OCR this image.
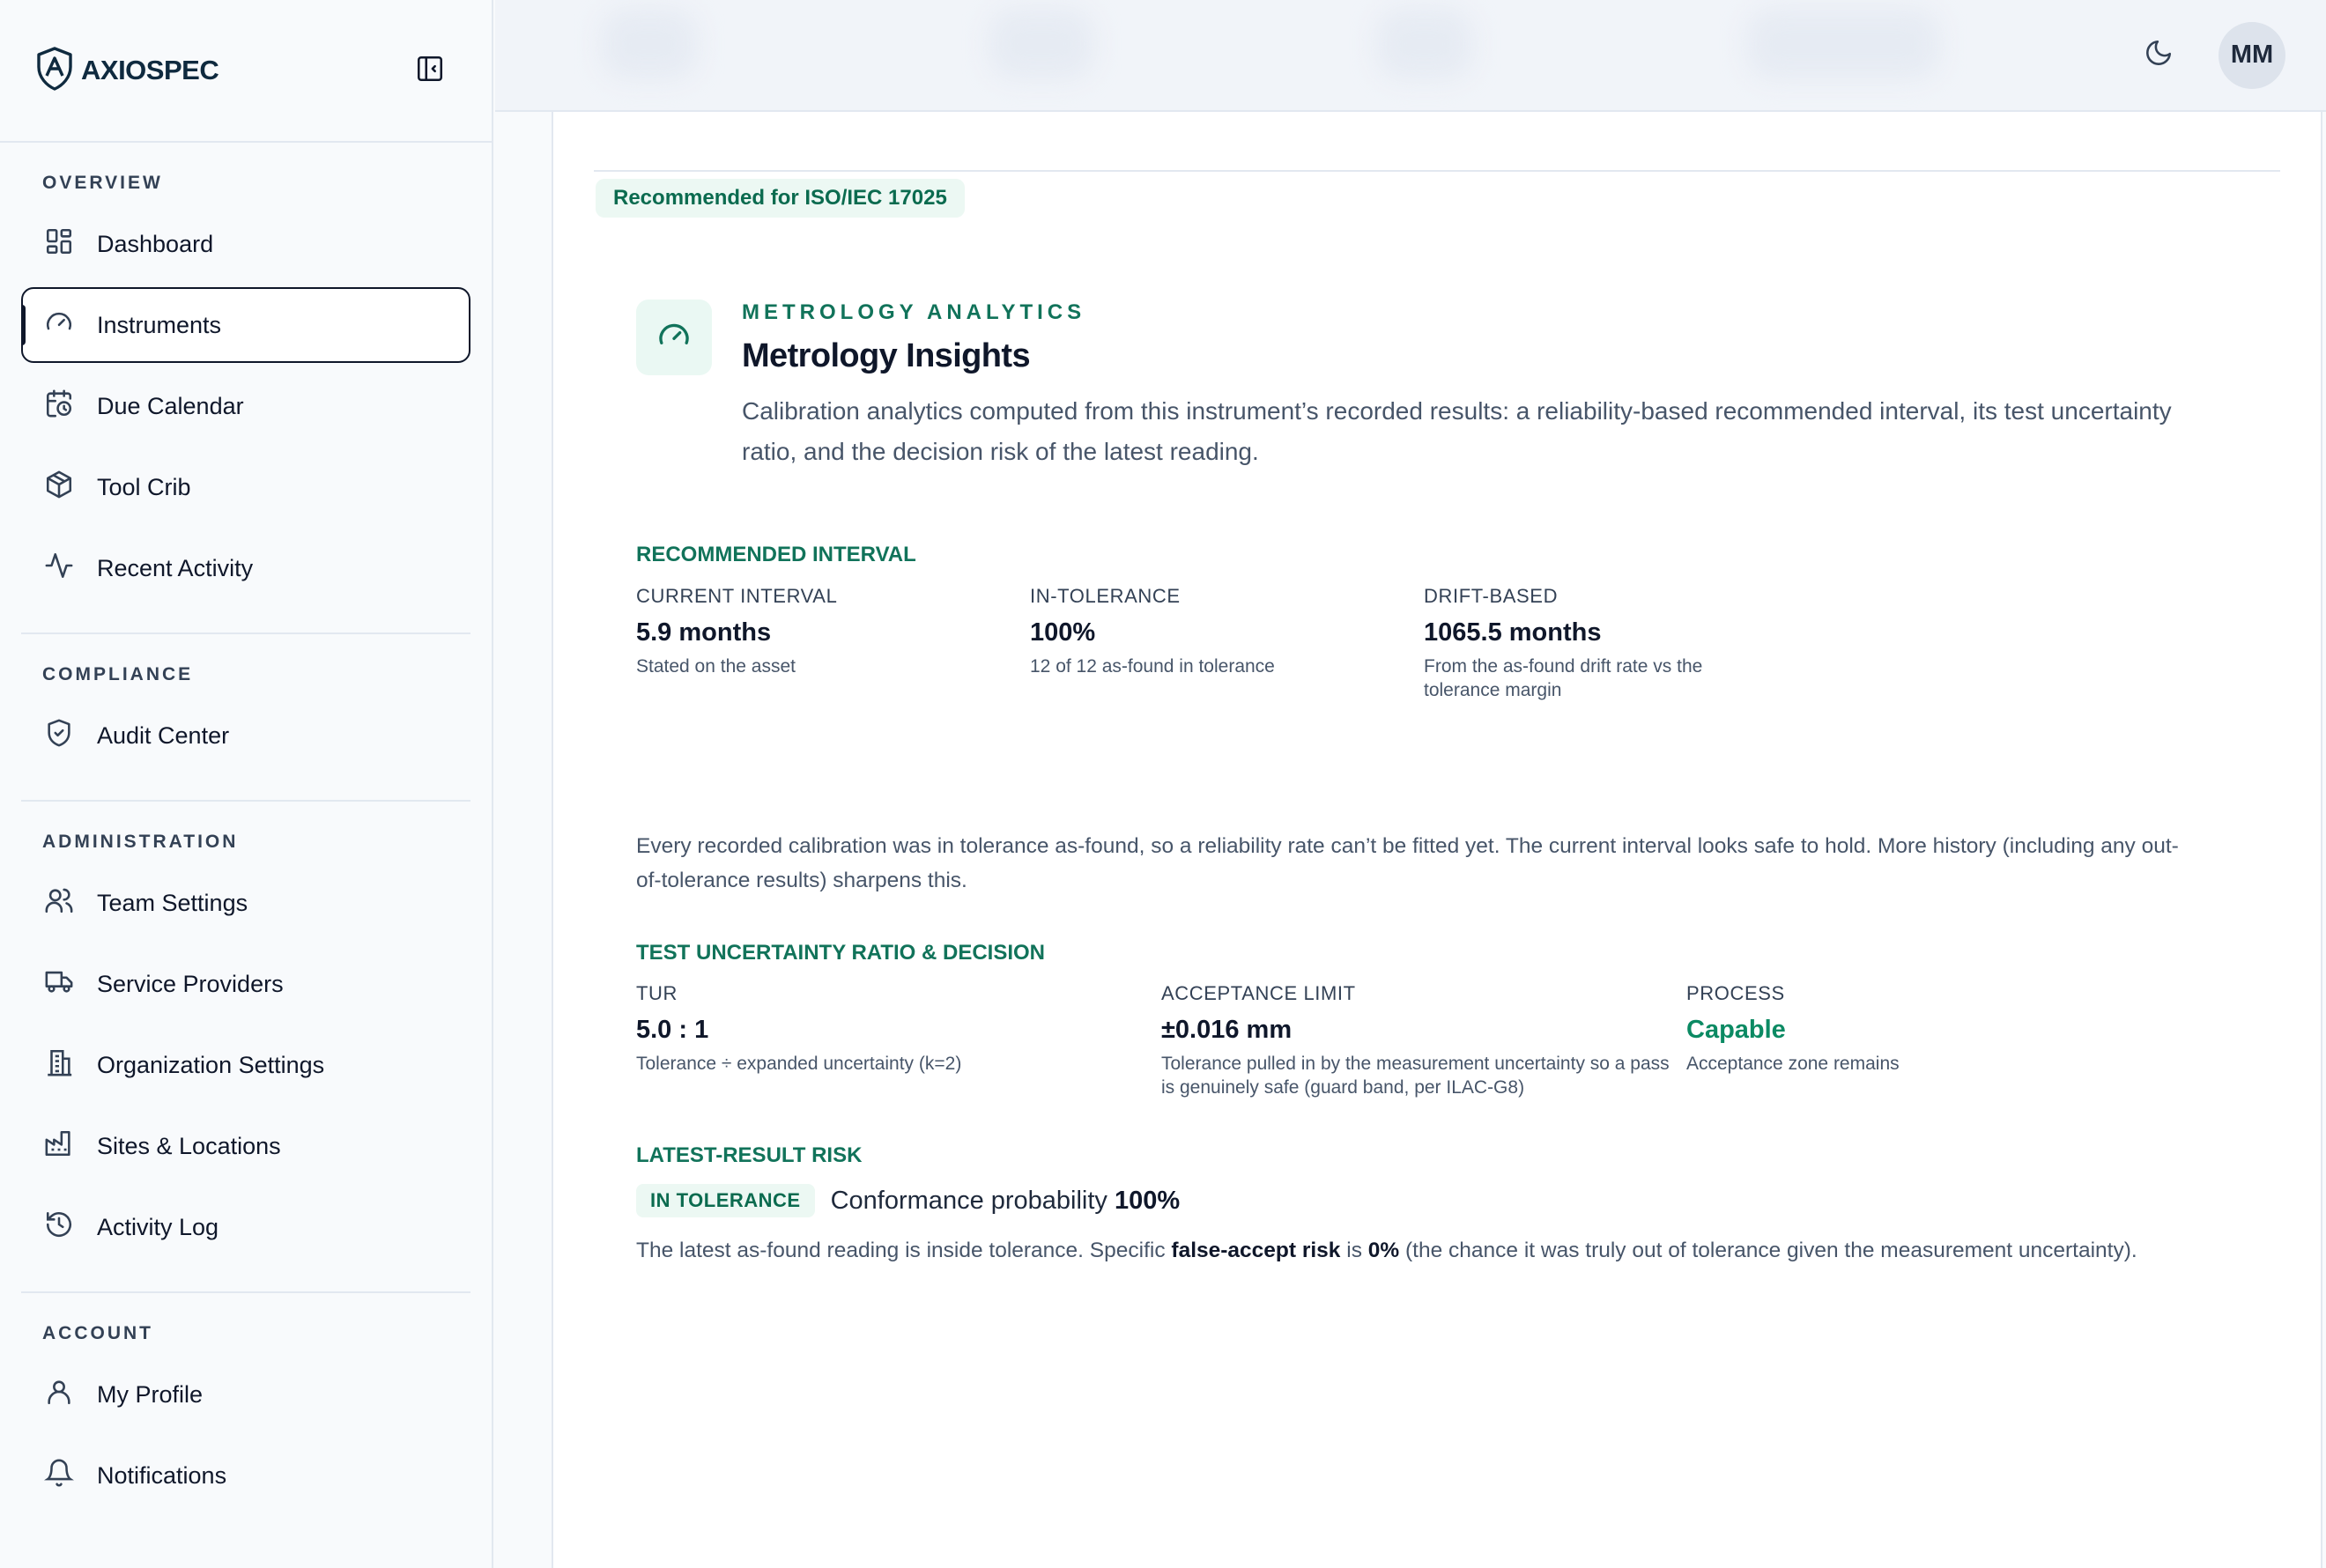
AXIOSPEC
OVERVIEW
Dashboard
Instruments
Due Calendar
Tool Crib
Recent Activity
COMPLIANCE
Audit Center
ADMINISTRATION
Team Settings
Service Providers
Organization Settings
Sites & Locations
Activity Log
ACCOUNT
My Profile
Notifications
MM
Recommended for ISO/IEC 17025
METROLOGY ANALYTICS
Metrology Insights
Calibration analytics computed from this instrument’s recorded results: a reliability-based recommended interval, its test uncertainty ratio, and the decision risk of the latest reading.
RECOMMENDED INTERVAL
CURRENT INTERVAL
5.9 months
Stated on the asset
IN-TOLERANCE
100%
12 of 12 as-found in tolerance
DRIFT-BASED
1065.5 months
From the as-found drift rate vs the tolerance margin
Every recorded calibration was in tolerance as-found, so a reliability rate can’t be fitted yet. The current interval looks safe to hold. More history (including any out-of-tolerance results) sharpens this.
TEST UNCERTAINTY RATIO & DECISION
TUR
5.0 : 1
Tolerance ÷ expanded uncertainty (k=2)
ACCEPTANCE LIMIT
±0.016 mm
Tolerance pulled in by the measurement uncertainty so a pass is genuinely safe (guard band, per ILAC-G8)
PROCESS
Capable
Acceptance zone remains
LATEST-RESULT RISK
IN TOLERANCE	Conformance probability 100%
The latest as-found reading is inside tolerance. Specific false-accept risk is 0% (the chance it was truly out of tolerance given the measurement uncertainty).
